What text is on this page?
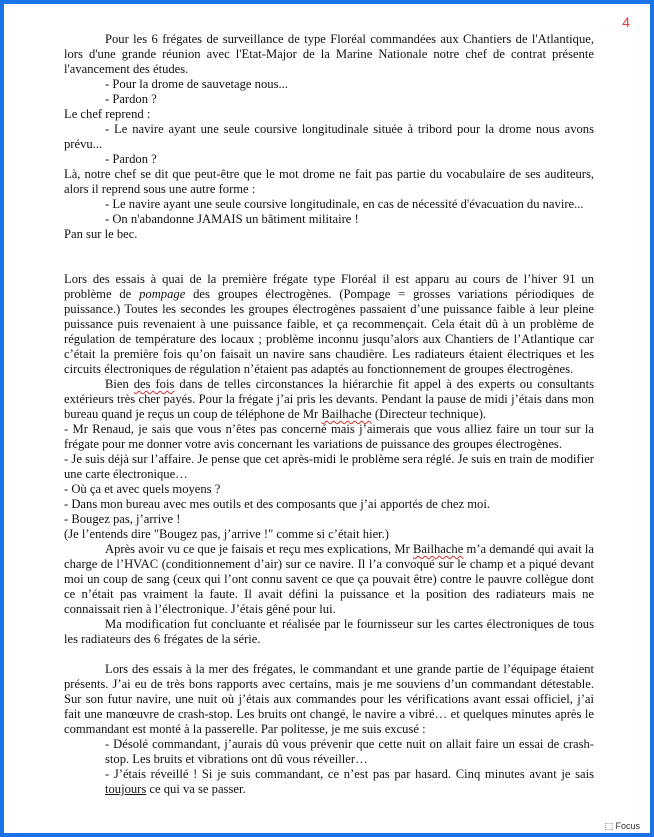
4

Pour les 6 frégates de surveillance de type Floréal commandées aux Chantiers de l'Atlantique, lors d'une grande réunion avec l'Etat-Major de la Marine Nationale notre chef de contrat présente l'avancement des études.

- Pour la drome de sauvetage nous...

- Pardon ?

Le chef reprend :

- Le navire ayant une seule coursive longitudinale située à tribord pour la drome nous avons prévu...

- Pardon ?

Là, notre chef se dit que peut-être que le mot drome ne fait pas partie du vocabulaire de ses auditeurs, alors il reprend sous une autre forme :

- Le navire ayant une seule coursive longitudinale, en cas de nécessité d'évacuation du navire...

- On n'abandonne JAMAIS un bâtiment militaire !

Pan sur le bec.

Lors des essais à quai de la première frégate type Floréal il est apparu au cours de l’hiver 91 un problème de pompage des groupes électrogènes. (Pompage = grosses variations périodiques de puissance.) Toutes les secondes les groupes électrogènes passaient d’une puissance faible à leur pleine puissance puis revenaient à une puissance faible, et ça recommençait. Cela était dû à un problème de régulation de température des locaux ; problème inconnu jusqu’alors aux Chantiers de l’Atlantique car c’était la première fois qu’on faisait un navire sans chaudière. Les radiateurs étaient électriques et les circuits électroniques de régulation n’étaient pas adaptés au fonctionnement de groupes électrogènes.

Bien des fois dans de telles circonstances la hiérarchie fit appel à des experts ou consultants extérieurs très cher payés. Pour la frégate j’ai pris les devants. Pendant la pause de midi j’étais dans mon bureau quand je reçus un coup de téléphone de Mr Bailhache (Directeur technique).

- Mr Renaud, je sais que vous n’êtes pas concerné mais j’aimerais que vous alliez faire un tour sur la frégate pour me donner votre avis concernant les variations de puissance des groupes électrogènes.

- Je suis déjà sur l’affaire. Je pense que cet après-midi le problème sera réglé. Je suis en train de modifier une carte électronique…

- Où ça et avec quels moyens ?

- Dans mon bureau avec mes outils et des composants que j’ai apportés de chez moi.

- Bougez pas, j’arrive !

(Je l’entends dire "Bougez pas, j’arrive !" comme si c’était hier.)

Après avoir vu ce que je faisais et reçu mes explications, Mr Bailhache m’a demandé qui avait la charge de l’HVAC (conditionnement d’air) sur ce navire. Il l’a convoqué sur le champ et a piqué devant moi un coup de sang (ceux qui l’ont connu savent ce que ça pouvait être) contre le pauvre collègue dont ce n’était pas vraiment la faute. Il avait défini la puissance et la position des radiateurs mais ne connaissait rien à l’électronique. J’étais gêné pour lui.

Ma modification fut concluante et réalisée par le fournisseur sur les cartes électroniques de tous les radiateurs des 6 frégates de la série.

Lors des essais à la mer des frégates, le commandant et une grande partie de l’équipage étaient présents. J’ai eu de très bons rapports avec certains, mais je me souviens d’un commandant détestable. Sur son futur navire, une nuit où j’étais aux commandes pour les vérifications avant essai officiel, j’ai fait une manœuvre de crash-stop. Les bruits ont changé, le navire a vibré… et quelques minutes après le commandant est monté à la passerelle. Par politesse, je me suis excusé :

- Désolé commandant, j’aurais dû vous prévenir que cette nuit on allait faire un essai de crash-stop. Les bruits et vibrations ont dû vous réveiller…

- J’étais réveillé ! Si je suis commandant, ce n’est pas par hasard. Cinq minutes avant je sais toujours ce qui va se passer.

⬚ Focus
